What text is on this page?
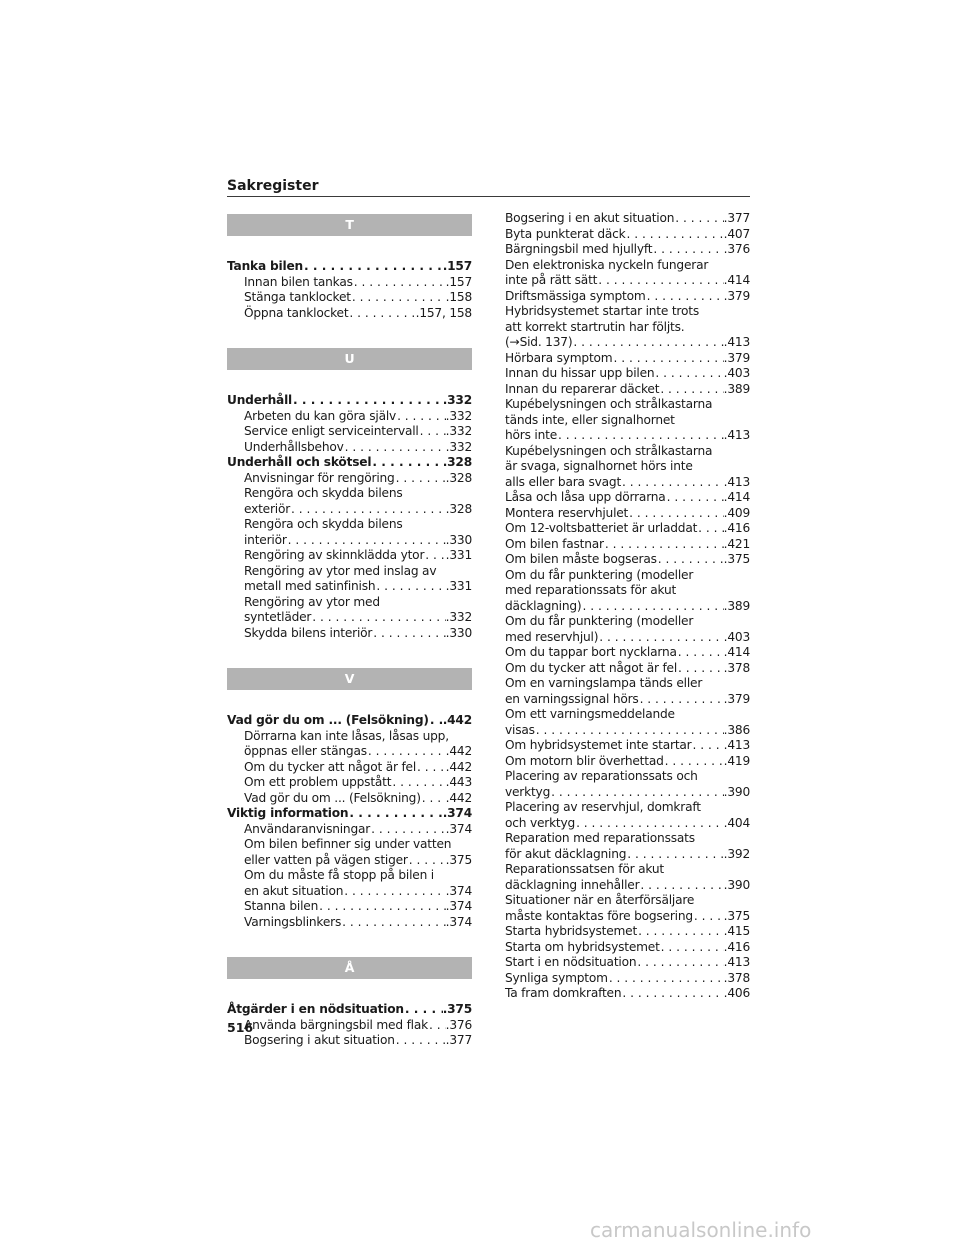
Sakregister
T
Tanka bilen . . .	.157
Innan bilen tankas . . .	.157
Stänga tanklocket . . .	.158
Öppna tanklocket . . .	.157, 158
U
Underhåll . . .	.332
Arbeten du kan göra själv . . .	.332
Service enligt serviceintervall . . . .332
Underhållsbehov . . .	.332
Underhåll och skötsel . . .	.328
Anvisningar för rengöring . . .	.328
Rengöra och skydda bilens
exteriör . . .	.328
Rengöra och skydda bilens
interiör . . .	.330
Rengöring av skinnklädda ytor . . . .331
Rengöring av ytor med inslag av
metall med satinfinish . . .	.331
Rengöring av ytor med
syntetläder . . .	.332
Skydda bilens interiör . . .	.330
V
Vad gör du om ... (Felsökning) . . . .442
Dörrarna kan inte låsas, låsas upp,
öppnas eller stängas . . .	.442
Om du tycker att något är fel . . . .442
Om ett problem uppstått . . .	.443
Vad gör du om ... (Felsökning) . . . .442
Viktig information . . .	.374
Användaranvisningar . . .	.374
Om bilen befinner sig under vatten
eller vatten på vägen stiger . . .	.375
Om du måste få stopp på bilen i
en akut situation . . .	.374
Stanna bilen . . .	.374
Varningsblinkers . . .	.374
Å
Åtgärder i en nödsituation . . .	.375
Använda bärgningsbil med flak . . . .376
Bogsering i akut situation . . .	.377
Bogsering i en akut situation . . .	.377
Byta punkterat däck . . .	.407
Bärgningsbil med hjullyft . . .	.376
Den elektroniska nyckeln fungerar
inte på rätt sätt . . .	.414
Driftsmässiga symptom . . .	.379
Hybridsystemet startar inte trots
att korrekt startrutin har följts.
(→Sid. 137) . . .	.413
Hörbara symptom . . .	.379
Innan du hissar upp bilen . . .	.403
Innan du reparerar däcket . . .	.389
Kupébelysningen och strålkastarna
tänds inte, eller signalhornet
hörs inte . . .	.413
Kupébelysningen och strålkastarna
är svaga, signalhornet hörs inte
alls eller bara svagt . . .	.413
Låsa och låsa upp dörrarna . . .	.414
Montera reservhjulet . . .	.409
Om 12-voltsbatteriet är urladdat . . . .416
Om bilen fastnar . . .	.421
Om bilen måste bogseras . . .	.375
Om du får punktering (modeller
med reparationssats för akut
däcklagning) . . .	.389
Om du får punktering (modeller
med reservhjul) . . .	.403
Om du tappar bort nycklarna . . .	.414
Om du tycker att något är fel . . .	.378
Om en varningslampa tänds eller
en varningssignal hörs . . .	.379
Om ett varningsmeddelande
visas . . .	.386
Om hybridsystemet inte startar . . .	.413
Om motorn blir överhettad . . .	.419
Placering av reparationssats och
verktyg . . .	.390
Placering av reservhjul, domkraft
och verktyg . . .	.404
Reparation med reparationssats
för akut däcklagning . . .	.392
Reparationssatsen för akut
däcklagning innehåller . . .	.390
Situationer när en återförsäljare
måste kontaktas före bogsering . . .	.375
Starta hybridsystemet . . .	.415
Starta om hybridsystemet . . .	.416
Start i en nödsituation . . .	.413
Synliga symptom . . .	.378
Ta fram domkraften . . .	.406
516
carmanualsonline.info
